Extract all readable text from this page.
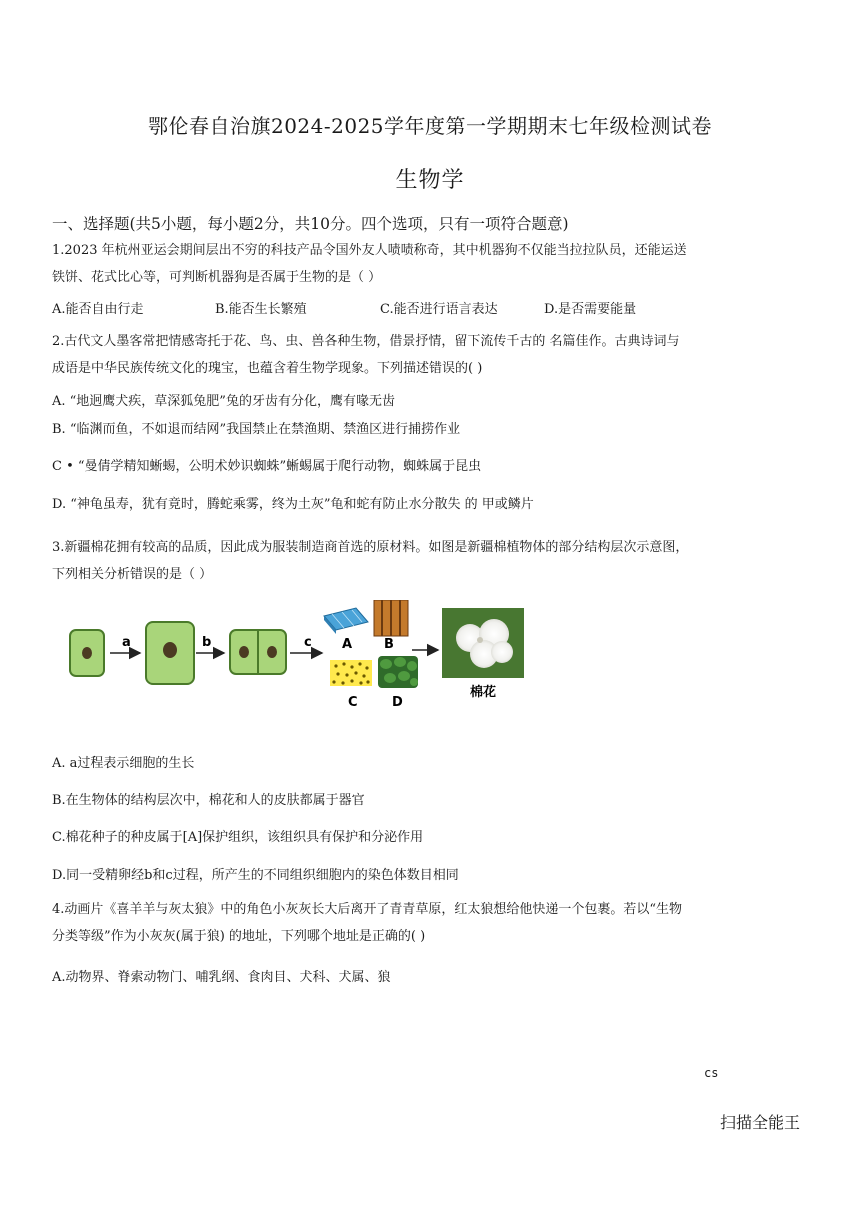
鄂伦春自治旗2024-2025学年度第一学期期末七年级检测试卷
生物学
一、选择题(共5小题，每小题2分，共10分。四个选项，只有一项符合题意)
1.2023 年杭州亚运会期间层出不穷的科技产品令国外友人啧啧称奇，其中机器狗不仅能当拉拉队员，还能运送
铁饼、花式比心等，可判断机器狗是否属于生物的是（ ）
A.能否自由行走	B.能否生长繁殖	C.能否进行语言表达	D.是否需要能量
2.古代文人墨客常把情感寄托于花、鸟、虫、兽各种生物，借景抒情，留下流传千古的 名篇佳作。古典诗词与
成语是中华民族传统文化的瑰宝，也蕴含着生物学现象。下列描述错误的( )
A. “地迥鹰犬疾，草深狐兔肥”兔的牙齿有分化，鹰有喙无齿
B. “临渊而鱼，不如退而结网”我国禁止在禁渔期、禁渔区进行捕捞作业
C • “曼倩学精知蜥蜴，公明术妙识蜘蛛”蜥蜴属于爬行动物，蜘蛛属于昆虫
D. “神龟虽寿，犹有竟时，腾蛇乘雾，终为土灰”龟和蛇有防止水分散失 的 甲或鳞片
3.新疆棉花拥有较高的品质，因此成为服装制造商首选的原材料。如图是新疆棉植物体的部分结构层次示意图，
下列相关分析错误的是（ ）
a	b	c A B
C	D
棉花
A. a过程表示细胞的生长
B.在生物体的结构层次中，棉花和人的皮肤都属于器官
C.棉花种子的种皮属于[A]保护组织，该组织具有保护和分泌作用
D.同一受精卵经b和c过程，所产生的不同组织细胞内的染色体数目相同
4.动画片《喜羊羊与灰太狼》中的角色小灰灰长大后离开了青青草原，红太狼想给他快递一个包裹。若以“生物
分类等级”作为小灰灰(属于狼) 的地址，下列哪个地址是正确的( )
A.动物界、脊索动物门、哺乳纲、食肉目、犬科、犬属、狼
cs
扫描全能王
